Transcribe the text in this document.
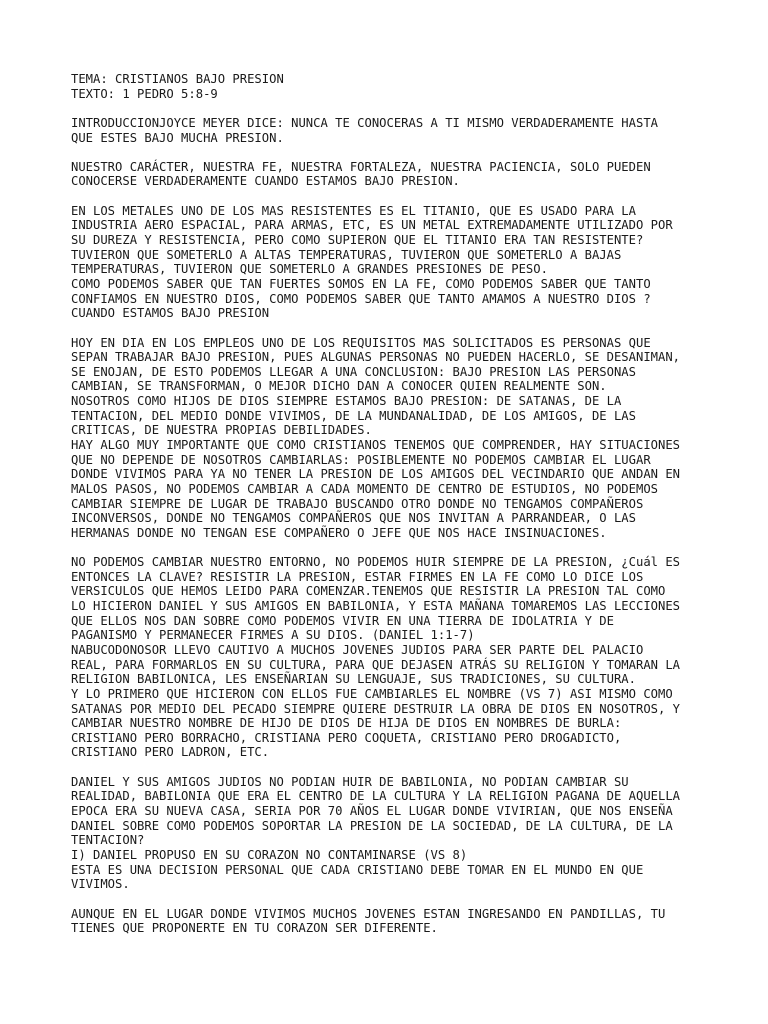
TEMA: CRISTIANOS BAJO PRESION
TEXTO: 1 PEDRO 5:8-9
INTRODUCCIONJOYCE MEYER DICE: NUNCA TE CONOCERAS A TI MISMO VERDADERAMENTE HASTA
QUE ESTES BAJO MUCHA PRESION.
NUESTRO CARÁCTER, NUESTRA FE, NUESTRA FORTALEZA, NUESTRA PACIENCIA, SOLO PUEDEN
CONOCERSE VERDADERAMENTE CUANDO ESTAMOS BAJO PRESION.
EN LOS METALES UNO DE LOS MAS RESISTENTES ES EL TITANIO, QUE ES USADO PARA LA
INDUSTRIA AERO ESPACIAL, PARA ARMAS, ETC, ES UN METAL EXTREMADAMENTE UTILIZADO POR
SU DUREZA Y RESISTENCIA, PERO COMO SUPIERON QUE EL TITANIO ERA TAN RESISTENTE?
TUVIERON QUE SOMETERLO A ALTAS TEMPERATURAS, TUVIERON QUE SOMETERLO A BAJAS
TEMPERATURAS, TUVIERON QUE SOMETERLO A GRANDES PRESIONES DE PESO.
COMO PODEMOS SABER QUE TAN FUERTES SOMOS EN LA FE, COMO PODEMOS SABER QUE TANTO
CONFIAMOS EN NUESTRO DIOS, COMO PODEMOS SABER QUE TANTO AMAMOS A NUESTRO DIOS ?
CUANDO ESTAMOS BAJO PRESION
HOY EN DIA EN LOS EMPLEOS UNO DE LOS REQUISITOS MAS SOLICITADOS ES PERSONAS QUE
SEPAN TRABAJAR BAJO PRESION, PUES ALGUNAS PERSONAS NO PUEDEN HACERLO, SE DESANIMAN,
SE ENOJAN, DE ESTO PODEMOS LLEGAR A UNA CONCLUSION: BAJO PRESION LAS PERSONAS
CAMBIAN, SE TRANSFORMAN, O MEJOR DICHO DAN A CONOCER QUIEN REALMENTE SON.
NOSOTROS COMO HIJOS DE DIOS SIEMPRE ESTAMOS BAJO PRESION: DE SATANAS, DE LA
TENTACION, DEL MEDIO DONDE VIVIMOS, DE LA MUNDANALIDAD, DE LOS AMIGOS, DE LAS
CRITICAS, DE NUESTRA PROPIAS DEBILIDADES.
HAY ALGO MUY IMPORTANTE QUE COMO CRISTIANOS TENEMOS QUE COMPRENDER, HAY SITUACIONES
QUE NO DEPENDE DE NOSOTROS CAMBIARLAS: POSIBLEMENTE NO PODEMOS CAMBIAR EL LUGAR
DONDE VIVIMOS PARA YA NO TENER LA PRESION DE LOS AMIGOS DEL VECINDARIO QUE ANDAN EN
MALOS PASOS, NO PODEMOS CAMBIAR A CADA MOMENTO DE CENTRO DE ESTUDIOS, NO PODEMOS
CAMBIAR SIEMPRE DE LUGAR DE TRABAJO BUSCANDO OTRO DONDE NO TENGAMOS COMPAÑEROS
INCONVERSOS, DONDE NO TENGAMOS COMPAÑEROS QUE NOS INVITAN A PARRANDEAR, O LAS
HERMANAS DONDE NO TENGAN ESE COMPAÑERO O JEFE QUE NOS HACE INSINUACIONES.
NO PODEMOS CAMBIAR NUESTRO ENTORNO, NO PODEMOS HUIR SIEMPRE DE LA PRESION, ¿Cuál ES
ENTONCES LA CLAVE? RESISTIR LA PRESION, ESTAR FIRMES EN LA FE COMO LO DICE LOS
VERSICULOS QUE HEMOS LEIDO PARA COMENZAR.TENEMOS QUE RESISTIR LA PRESION TAL COMO
LO HICIERON DANIEL Y SUS AMIGOS EN BABILONIA, Y ESTA MAÑANA TOMAREMOS LAS LECCIONES
QUE ELLOS NOS DAN SOBRE COMO PODEMOS VIVIR EN UNA TIERRA DE IDOLATRIA Y DE
PAGANISMO Y PERMANECER FIRMES A SU DIOS. (DANIEL 1:1-7)
NABUCODONOSOR LLEVO CAUTIVO A MUCHOS JOVENES JUDIOS PARA SER PARTE DEL PALACIO
REAL, PARA FORMARLOS EN SU CULTURA, PARA QUE DEJASEN ATRÁS SU RELIGION Y TOMARAN LA
RELIGION BABILONICA, LES ENSEÑARIAN SU LENGUAJE, SUS TRADICIONES, SU CULTURA.
Y LO PRIMERO QUE HICIERON CON ELLOS FUE CAMBIARLES EL NOMBRE (VS 7) ASI MISMO COMO
SATANAS POR MEDIO DEL PECADO SIEMPRE QUIERE DESTRUIR LA OBRA DE DIOS EN NOSOTROS, Y
CAMBIAR NUESTRO NOMBRE DE HIJO DE DIOS DE HIJA DE DIOS EN NOMBRES DE BURLA:
CRISTIANO PERO BORRACHO, CRISTIANA PERO COQUETA, CRISTIANO PERO DROGADICTO,
CRISTIANO PERO LADRON, ETC.
DANIEL Y SUS AMIGOS JUDIOS NO PODIAN HUIR DE BABILONIA, NO PODIAN CAMBIAR SU
REALIDAD, BABILONIA QUE ERA EL CENTRO DE LA CULTURA Y LA RELIGION PAGANA DE AQUELLA
EPOCA ERA SU NUEVA CASA, SERIA POR 70 AÑOS EL LUGAR DONDE VIVIRIAN, QUE NOS ENSEÑA
DANIEL SOBRE COMO PODEMOS SOPORTAR LA PRESION DE LA SOCIEDAD, DE LA CULTURA, DE LA
TENTACION?
I) DANIEL PROPUSO EN SU CORAZON NO CONTAMINARSE (VS 8)
ESTA ES UNA DECISION PERSONAL QUE CADA CRISTIANO DEBE TOMAR EN EL MUNDO EN QUE
VIVIMOS.
AUNQUE EN EL LUGAR DONDE VIVIMOS MUCHOS JOVENES ESTAN INGRESANDO EN PANDILLAS, TU
TIENES QUE PROPONERTE EN TU CORAZON SER DIFERENTE.
